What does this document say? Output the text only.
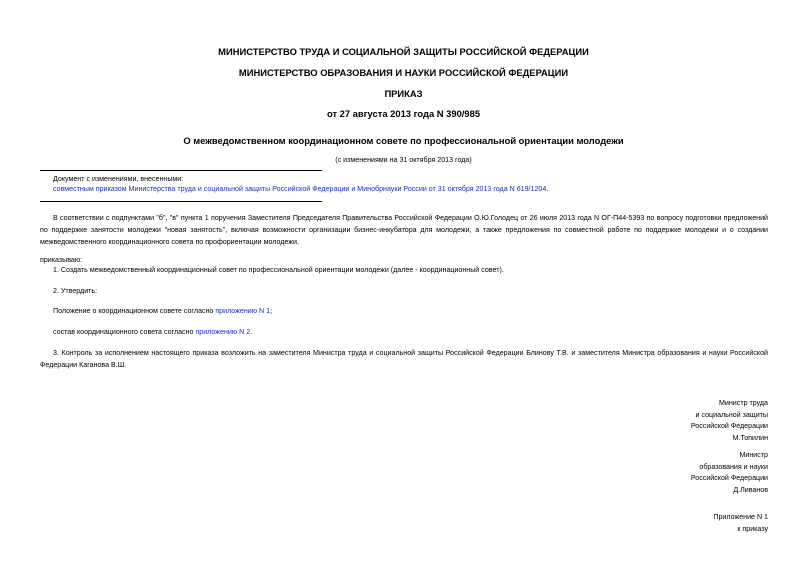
МИНИСТЕРСТВО ТРУДА И СОЦИАЛЬНОЙ ЗАЩИТЫ РОССИЙСКОЙ ФЕДЕРАЦИИ
МИНИСТЕРСТВО ОБРАЗОВАНИЯ И НАУКИ РОССИЙСКОЙ ФЕДЕРАЦИИ
ПРИКАЗ
от 27 августа 2013 года N 390/985
О межведомственном координационном совете по профессиональной ориентации молодежи
(с изменениями на 31 октября 2013 года)
Документ с изменениями, внесенными:
совместным приказом Министерства труда и социальной защиты Российской Федерации и Минобрнауки России от 31 октября 2013 года N 619/1204.
В соответствии с подпунктами "б", "в" пункта 1 поручения Заместителя Председателя Правительства Российской Федерации О.Ю.Голодец от 26 июля 2013 года N ОГ-П44-5393 по вопросу подготовки предложений по поддержке занятости молодежи "новая занятость", включая возможности организации бизнес-инкубатора для молодежи, а также предложения по совместной работе по поддержке молодежи и о создании межведомственного координационного совета по профориентации молодежи,
приказываю:
1. Создать межведомственный координационный совет по профессиональной ориентации молодежи (далее - координационный совет).
2. Утвердить:
Положение о координационном совете согласно приложению N 1;
состав координационного совета согласно приложению N 2.
3. Контроль за исполнением настоящего приказа возложить на заместителя Министра труда и социальной защиты Российской Федерации Блинову Т.В. и заместителя Министра образования и науки Российской Федерации Каганова В.Ш.
Министр труда
и социальной защиты
Российской Федерации
М.Топилин
Министр
образования и науки
Российской Федерации
Д.Ливанов
Приложение N 1
к приказу
